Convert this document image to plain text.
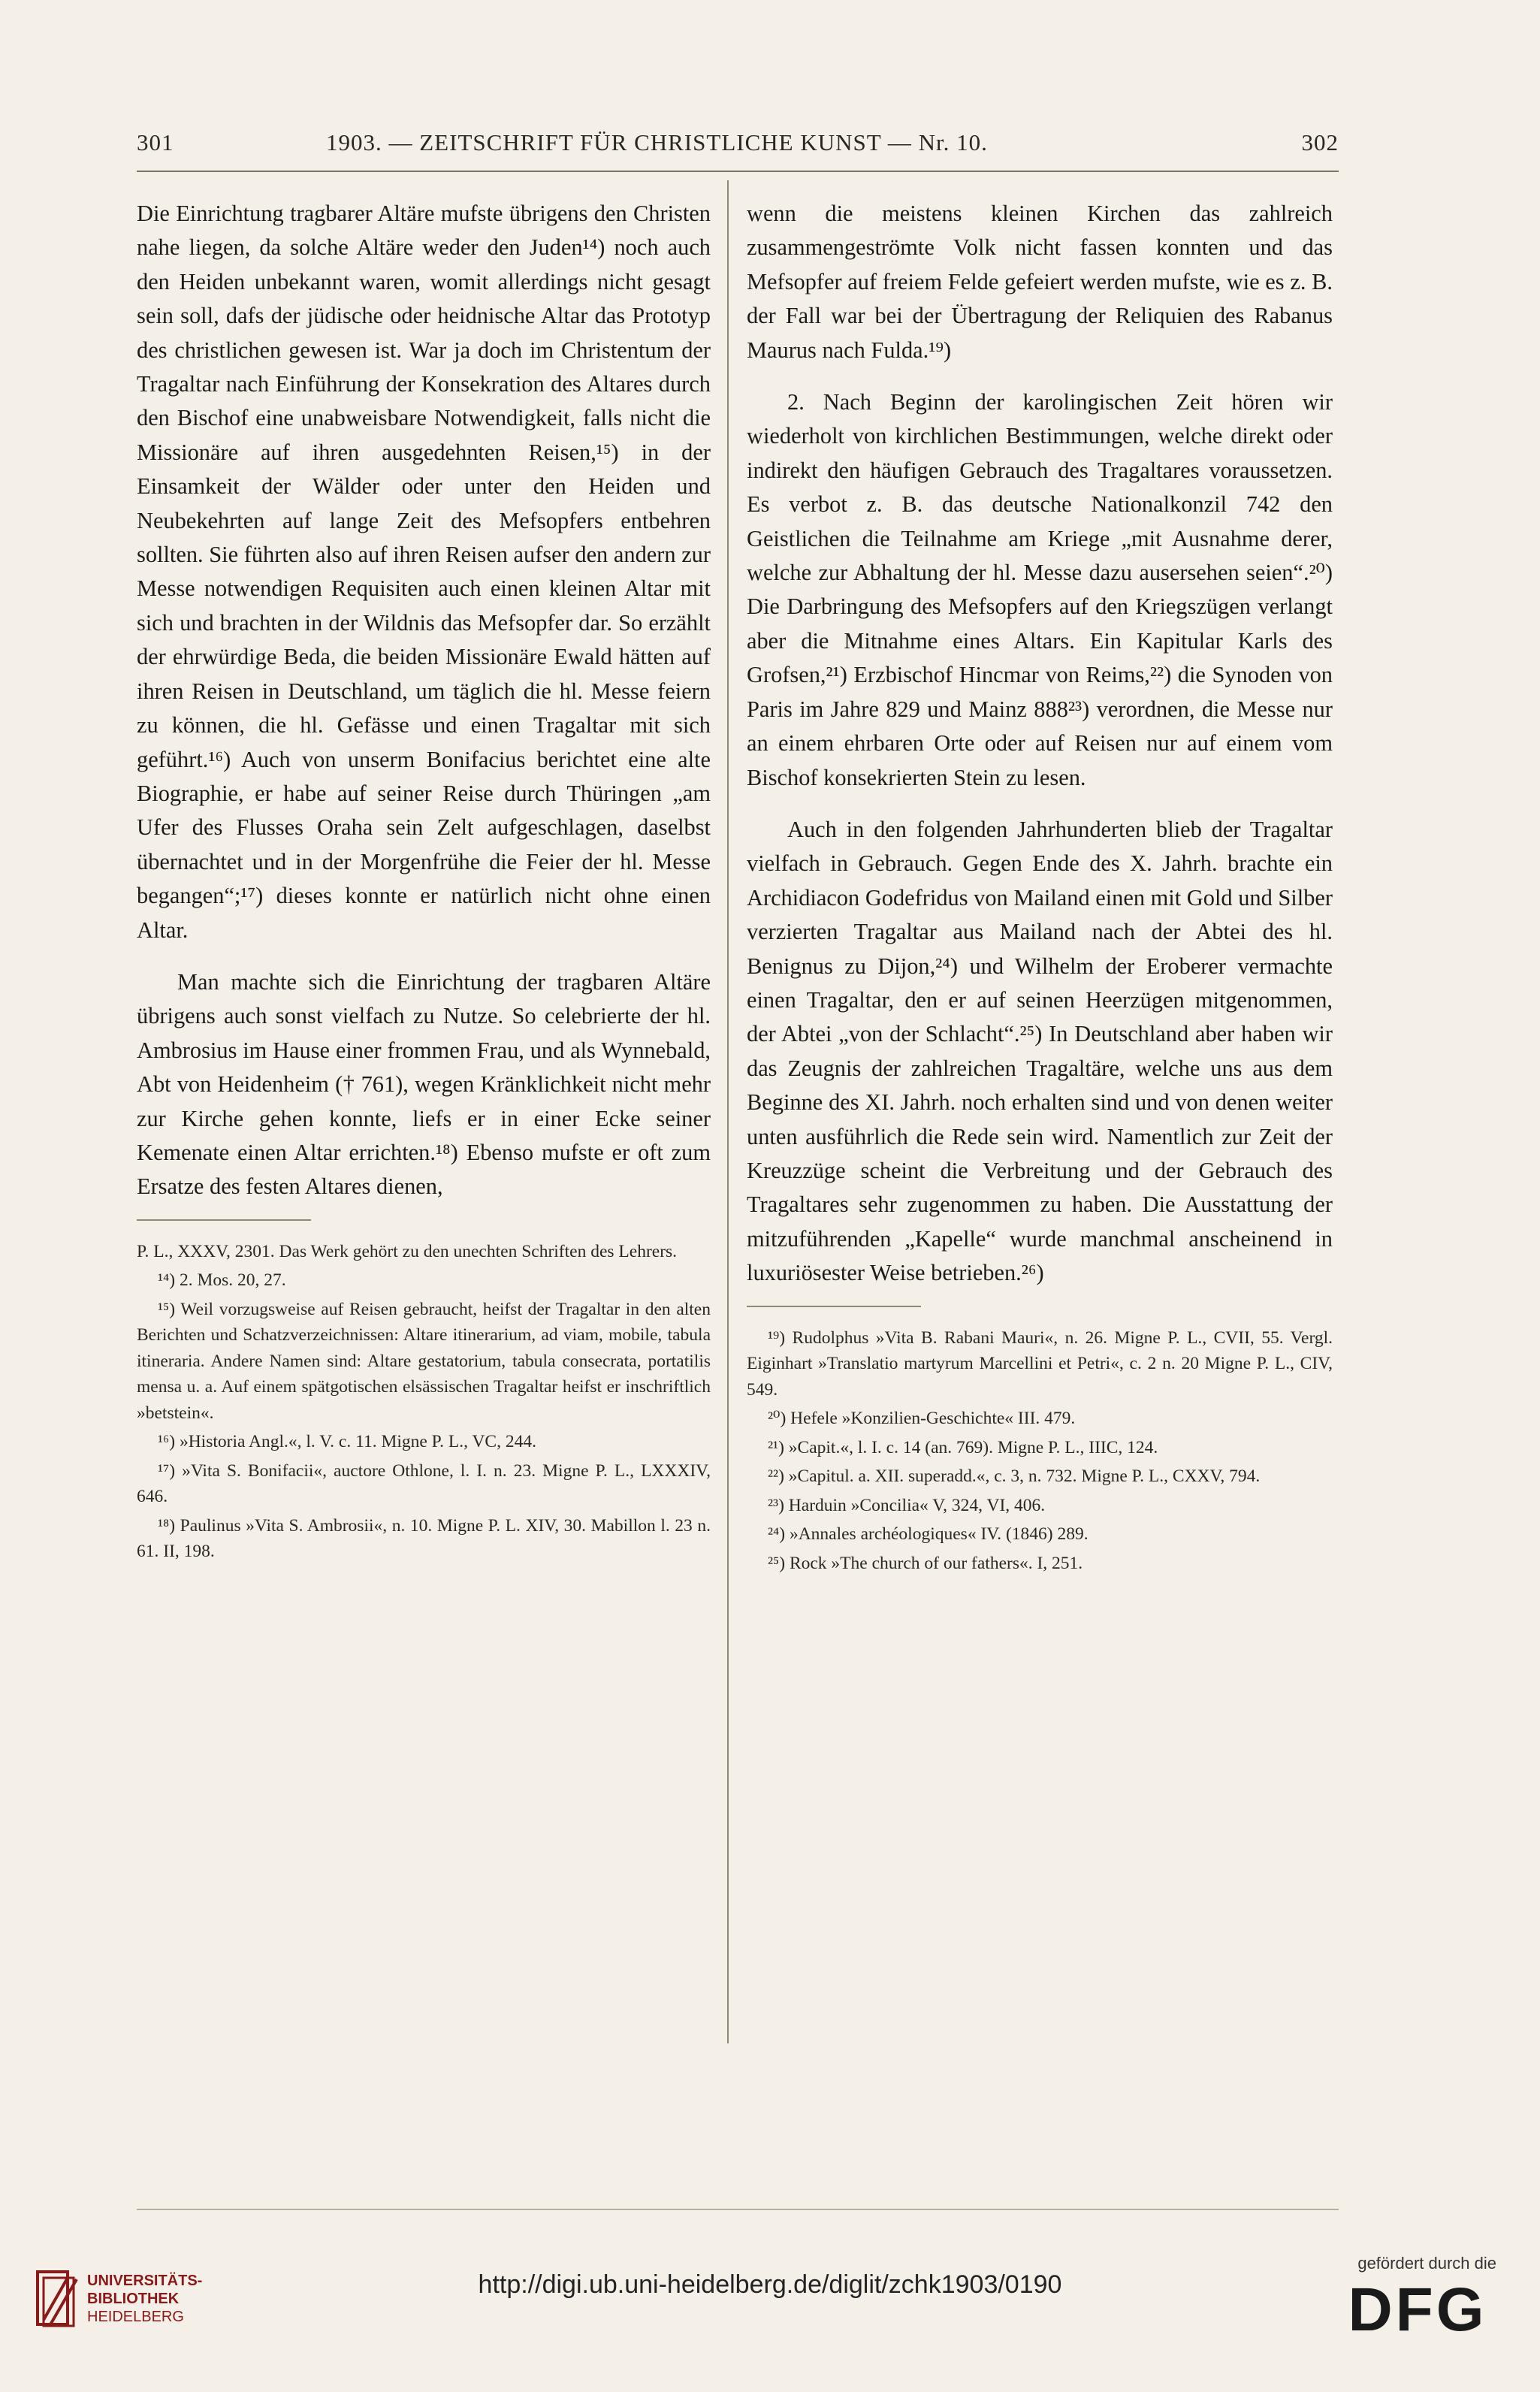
301	1903. — ZEITSCHRIFT FÜR CHRISTLICHE KUNST — Nr. 10.	302

Die Einrichtung tragbarer Altäre mufste übrigens den Christen nahe liegen, da solche Altäre weder den Juden¹⁴) noch auch den Heiden unbekannt waren, womit allerdings nicht gesagt sein soll, dafs der jüdische oder heidnische Altar das Prototyp des christlichen gewesen ist. War ja doch im Christentum der Tragaltar nach Einführung der Konsekration des Altares durch den Bischof eine unabweisbare Notwendigkeit, falls nicht die Missionäre auf ihren ausgedehnten Reisen,¹⁵) in der Einsamkeit der Wälder oder unter den Heiden und Neubekehrten auf lange Zeit des Mefsopfers entbehren sollten. Sie führten also auf ihren Reisen aufser den andern zur Messe notwendigen Requisiten auch einen kleinen Altar mit sich und brachten in der Wildnis das Mefsopfer dar. So erzählt der ehrwürdige Beda, die beiden Missionäre Ewald hätten auf ihren Reisen in Deutschland, um täglich die hl. Messe feiern zu können, die hl. Gefässe und einen Tragaltar mit sich geführt.¹⁶) Auch von unserm Bonifacius berichtet eine alte Biographie, er habe auf seiner Reise durch Thüringen „am Ufer des Flusses Oraha sein Zelt aufgeschlagen, daselbst übernachtet und in der Morgenfrühe die Feier der hl. Messe begangen“;¹⁷) dieses konnte er natürlich nicht ohne einen Altar.

Man machte sich die Einrichtung der tragbaren Altäre übrigens auch sonst vielfach zu Nutze. So celebrierte der hl. Ambrosius im Hause einer frommen Frau, und als Wynnebald, Abt von Heidenheim († 761), wegen Kränklichkeit nicht mehr zur Kirche gehen konnte, liefs er in einer Ecke seiner Kemenate einen Altar errichten.¹⁸) Ebenso mufste er oft zum Ersatze des festen Altares dienen,

P. L., XXXV, 2301. Das Werk gehört zu den unechten Schriften des Lehrers.

¹⁴) 2. Mos. 20, 27.

¹⁵) Weil vorzugsweise auf Reisen gebraucht, heifst der Tragaltar in den alten Berichten und Schatzverzeichnissen: Altare itinerarium, ad viam, mobile, tabula itineraria. Andere Namen sind: Altare gestatorium, tabula consecrata, portatilis mensa u. a. Auf einem spätgotischen elsässischen Tragaltar heifst er inschriftlich »betstein«.

¹⁶) »Historia Angl.«, l. V. c. 11. Migne P. L., VC, 244.

¹⁷) »Vita S. Bonifacii«, auctore Othlone, l. I. n. 23. Migne P. L., LXXXIV, 646.

¹⁸) Paulinus »Vita S. Ambrosii«, n. 10. Migne P. L. XIV, 30. Mabillon l. 23 n. 61. II, 198.

wenn die meistens kleinen Kirchen das zahlreich zusammengeströmte Volk nicht fassen konnten und das Mefsopfer auf freiem Felde gefeiert werden mufste, wie es z. B. der Fall war bei der Übertragung der Reliquien des Rabanus Maurus nach Fulda.¹⁹)

2. Nach Beginn der karolingischen Zeit hören wir wiederholt von kirchlichen Bestimmungen, welche direkt oder indirekt den häufigen Gebrauch des Tragaltares voraussetzen. Es verbot z. B. das deutsche Nationalkonzil 742 den Geistlichen die Teilnahme am Kriege „mit Ausnahme derer, welche zur Abhaltung der hl. Messe dazu ausersehen seien“.²⁰) Die Darbringung des Mefsopfers auf den Kriegszügen verlangt aber die Mitnahme eines Altars. Ein Kapitular Karls des Grofsen,²¹) Erzbischof Hincmar von Reims,²²) die Synoden von Paris im Jahre 829 und Mainz 888²³) verordnen, die Messe nur an einem ehrbaren Orte oder auf Reisen nur auf einem vom Bischof konsekrierten Stein zu lesen.

Auch in den folgenden Jahrhunderten blieb der Tragaltar vielfach in Gebrauch. Gegen Ende des X. Jahrh. brachte ein Archidiacon Godefridus von Mailand einen mit Gold und Silber verzierten Tragaltar aus Mailand nach der Abtei des hl. Benignus zu Dijon,²⁴) und Wilhelm der Eroberer vermachte einen Tragaltar, den er auf seinen Heerzügen mitgenommen, der Abtei „von der Schlacht“.²⁵) In Deutschland aber haben wir das Zeugnis der zahlreichen Tragaltäre, welche uns aus dem Beginne des XI. Jahrh. noch erhalten sind und von denen weiter unten ausführlich die Rede sein wird. Namentlich zur Zeit der Kreuzzüge scheint die Verbreitung und der Gebrauch des Tragaltares sehr zugenommen zu haben. Die Ausstattung der mitzuführenden „Kapelle“ wurde manchmal anscheinend in luxuriösester Weise betrieben.²⁶)

¹⁹) Rudolphus »Vita B. Rabani Mauri«, n. 26. Migne P. L., CVII, 55. Vergl. Eiginhart »Translatio martyrum Marcellini et Petri«, c. 2 n. 20 Migne P. L., CIV, 549.

²⁰) Hefele »Konzilien-Geschichte« III. 479.

²¹) »Capit.«, l. I. c. 14 (an. 769). Migne P. L., IIIC, 124.

²²) »Capitul. a. XII. superadd.«, c. 3, n. 732. Migne P. L., CXXV, 794.

²³) Harduin »Concilia« V, 324, VI, 406.

²⁴) »Annales archéologiques« IV. (1846) 289.

²⁵) Rock »The church of our fathers«. I, 251.

UNIVERSITÄTS-
BIBLIOTHEK
HEIDELBERG
http://digi.ub.uni-heidelberg.de/diglit/zchk1903/0190
gefördert durch die
DFG
